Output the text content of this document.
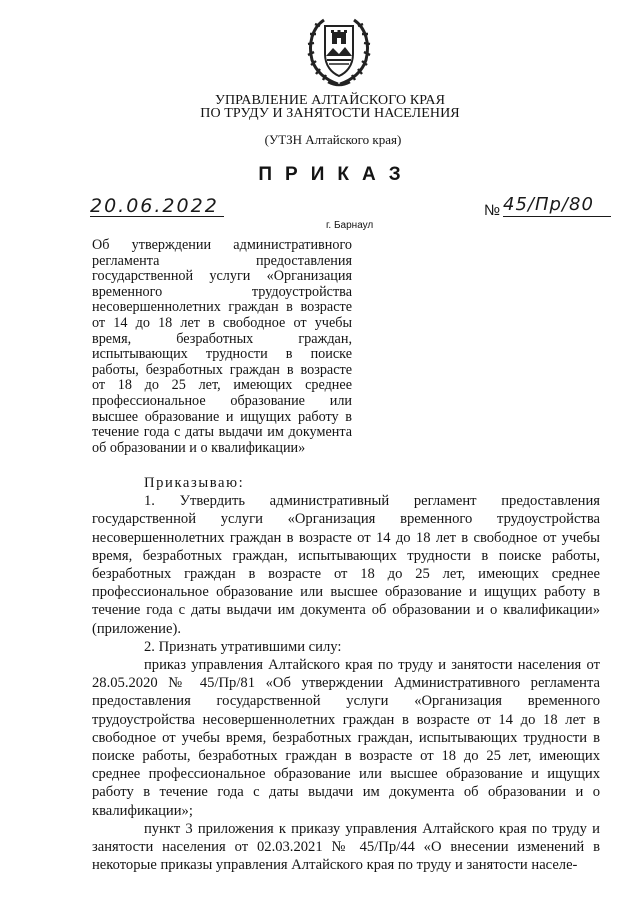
УПРАВЛЕНИЕ АЛТАЙСКОГО КРАЯ
ПО ТРУДУ И ЗАНЯТОСТИ НАСЕЛЕНИЯ
(УТЗН Алтайского края)
ПРИКАЗ
20.06.2022
г. Барнаул
№ 45/Пр/80
Об утверждении административного регламента предоставления государственной услуги «Организация временного трудоустройства несовершеннолетних граждан в возрасте от 14 до 18 лет в свободное от учебы время, безработных граждан, испытывающих трудности в поиске работы, безработных граждан в возрасте от 18 до 25 лет, имеющих среднее профессиональное образование или высшее образование и ищущих работу в течение года с даты выдачи им документа об образовании и о квалификации»

Приказываю:

1. Утвердить административный регламент предоставления государственной услуги «Организация временного трудоустройства несовершеннолетних граждан в возрасте от 14 до 18 лет в свободное от учебы время, безработных граждан, испытывающих трудности в поиске работы, безработных граждан в возрасте от 18 до 25 лет, имеющих среднее профессиональное образование или высшее образование и ищущих работу в течение года с даты выдачи им документа об образовании и о квалификации» (приложение).

2. Признать утратившими силу:

приказ управления Алтайского края по труду и занятости населения от 28.05.2020 № 45/Пр/81 «Об утверждении Административного регламента предоставления государственной услуги «Организация временного трудоустройства несовершеннолетних граждан в возрасте от 14 до 18 лет в свободное от учебы время, безработных граждан, испытывающих трудности в поиске работы, безработных граждан в возрасте от 18 до 25 лет, имеющих среднее профессиональное образование или высшее образование и ищущих работу в течение года с даты выдачи им документа об образовании и о квалификации»;

пункт 3 приложения к приказу управления Алтайского края по труду и занятости населения от 02.03.2021 № 45/Пр/44 «О внесении изменений в некоторые приказы управления Алтайского края по труду и занятости населе-
